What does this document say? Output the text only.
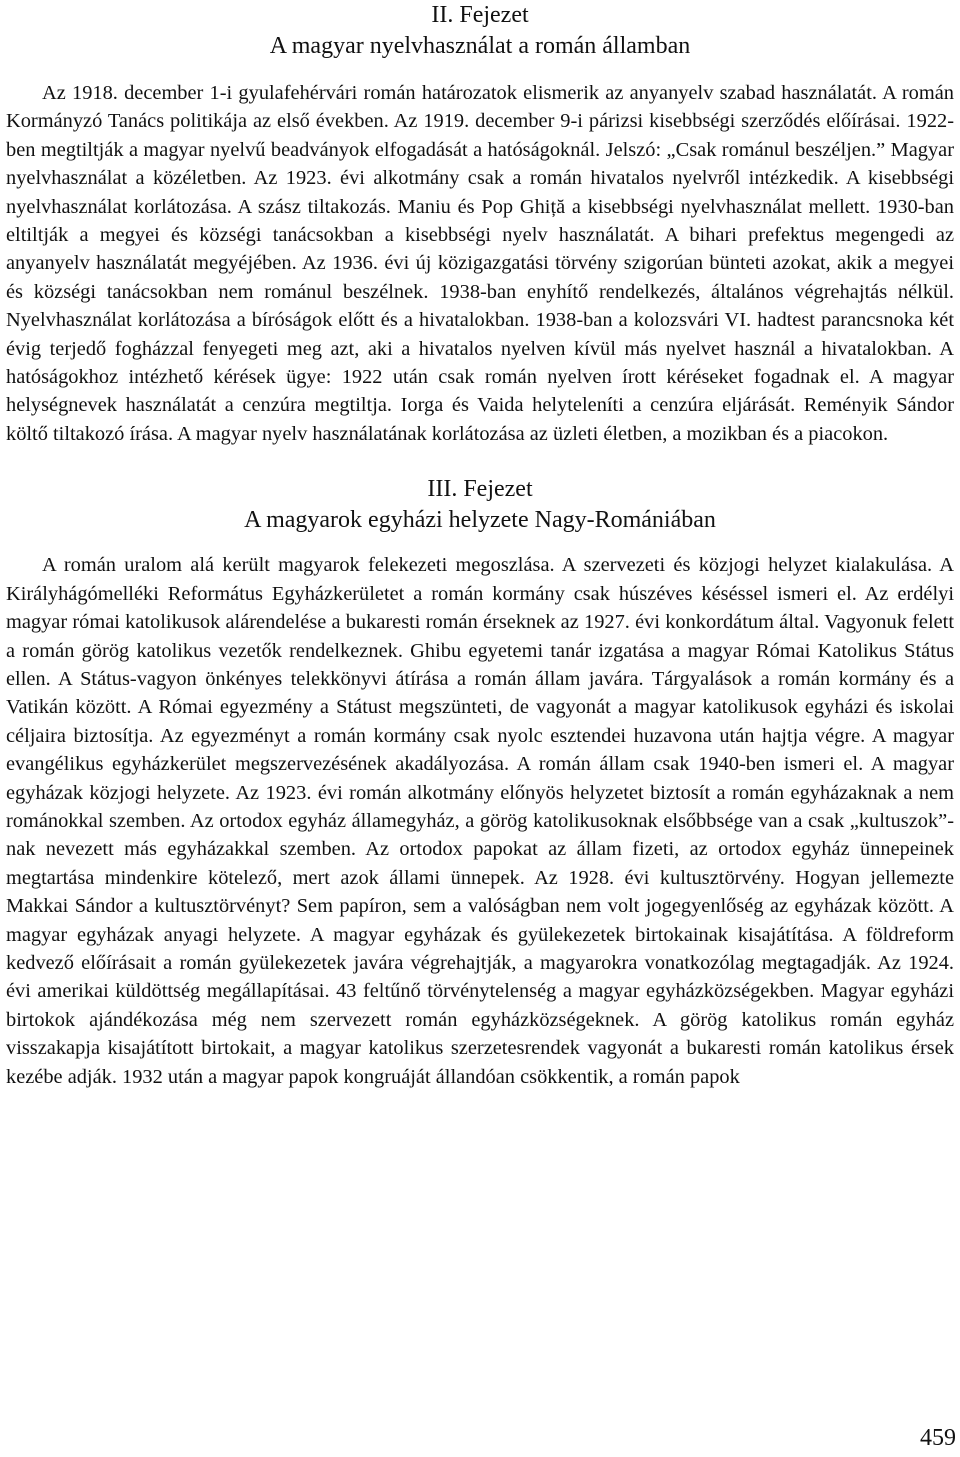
II. Fejezet
A magyar nyelvhasználat a román államban

Az 1918. december 1-i gyulafehérvári román határozatok elismerik az anyanyelv szabad használatát. A román Kormányzó Tanács politikája az első években. Az 1919. december 9-i párizsi kisebbségi szerződés előírásai. 1922-ben megtiltják a magyar nyelvű beadványok elfogadását a hatóságoknál. Jelszó: „Csak románul beszéljen.” Magyar nyelvhasználat a közéletben. Az 1923. évi alkotmány csak a román hivatalos nyelvről intézkedik. A kisebbségi nyelvhasználat korlátozása. A szász tiltakozás. Maniu és Pop Ghiță a kisebbségi nyelvhasználat mellett. 1930-ban eltiltják a megyei és községi tanácsokban a kisebbségi nyelv használatát. A bihari prefektus megengedi az anyanyelv használatát megyéjében. Az 1936. évi új közigazgatási törvény szigorúan bünteti azokat, akik a megyei és községi tanácsokban nem románul beszélnek. 1938-ban enyhítő rendelkezés, általános végrehajtás nélkül. Nyelvhasználat korlátozása a bíróságok előtt és a hivatalokban. 1938-ban a kolozsvári VI. hadtest parancsnoka két évig terjedő fogházzal fenyegeti meg azt, aki a hivatalos nyelven kívül más nyelvet használ a hivatalokban. A hatóságokhoz intézhető kérések ügye: 1922 után csak román nyelven írott kéréseket fogadnak el. A magyar helységnevek használatát a cenzúra megtiltja. Iorga és Vaida helyteleníti a cenzúra eljárását. Reményik Sándor költő tiltakozó írása. A magyar nyelv használatának korlátozása az üzleti életben, a mozikban és a piacokon.

III. Fejezet
A magyarok egyházi helyzete Nagy-Romániában

A román uralom alá került magyarok felekezeti megoszlása. A szervezeti és közjogi helyzet kialakulása. A Királyhágómelléki Református Egyházkerületet a román kormány csak húszéves késéssel ismeri el. Az erdélyi magyar római katolikusok alárendelése a bukaresti román érseknek az 1927. évi konkordátum által. Vagyonuk felett a román görög katolikus vezetők rendelkeznek. Ghibu egyetemi tanár izgatása a magyar Római Katolikus Státus ellen. A Státus-vagyon önkényes telekkönyvi átírása a román állam javára. Tárgyalások a román kormány és a Vatikán között. A Római egyezmény a Státust megszünteti, de vagyonát a magyar katolikusok egyházi és iskolai céljaira biztosítja. Az egyezményt a román kormány csak nyolc esztendei huzavona után hajtja végre. A magyar evangélikus egyházkerület megszervezésének akadályozása. A román állam csak 1940-ben ismeri el. A magyar egyházak közjogi helyzete. Az 1923. évi román alkotmány előnyös helyzetet biztosít a román egyházaknak a nem románokkal szemben. Az ortodox egyház államegyház, a görög katolikusoknak elsőbbsége van a csak „kultuszok”-nak nevezett más egyházakkal szemben. Az ortodox papokat az állam fizeti, az ortodox egyház ünnepeinek megtartása mindenkire kötelező, mert azok állami ünnepek. Az 1928. évi kultusztörvény. Hogyan jellemezte Makkai Sándor a kultusztörvényt? Sem papíron, sem a valóságban nem volt jogegyenlőség az egyházak között. A magyar egyházak anyagi helyzete. A magyar egyházak és gyülekezetek birtokainak kisajátítása. A földreform kedvező előírásait a román gyülekezetek javára végrehajtják, a magyarokra vonatkozólag megtagadják. Az 1924. évi amerikai küldöttség megállapításai. 43 feltűnő törvénytelenség a magyar egyházközségekben. Magyar egyházi birtokok ajándékozása még nem szervezett román egyházközségeknek. A görög katolikus román egyház visszakapja kisajátított birtokait, a magyar katolikus szerzetesrendek vagyonát a bukaresti román katolikus érsek kezébe adják. 1932 után a magyar papok kongruáját állandóan csökkentik, a román papok

459
